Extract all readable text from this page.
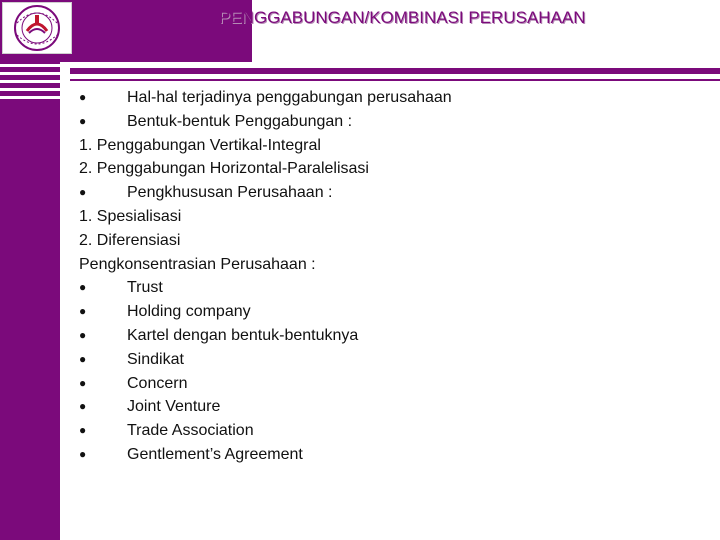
PENGGABUNGAN/KOMBINASI PERUSAHAAN
●	Hal-hal terjadinya penggabungan perusahaan
●	Bentuk-bentuk Penggabungan :
1. Penggabungan Vertikal-Integral
2. Penggabungan Horizontal-Paralelisasi
●	Pengkhususan Perusahaan :
1. Spesialisasi
2. Diferensiasi
Pengkonsentrasian Perusahaan :
●	Trust
●	Holding company
●	Kartel dengan bentuk-bentuknya
●	Sindikat
●	Concern
●	Joint Venture
●	Trade Association
●	Gentlement’s Agreement
